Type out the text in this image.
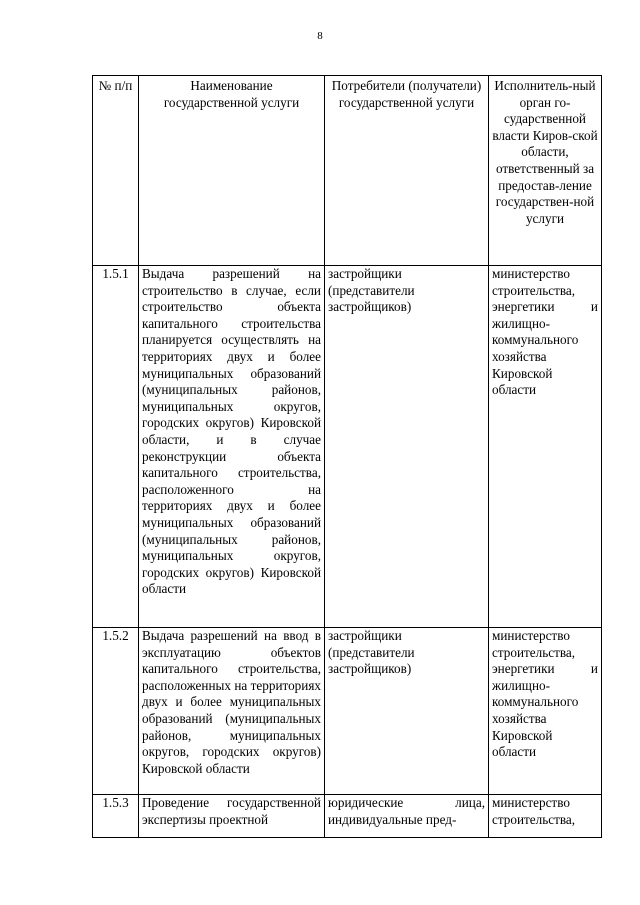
8
№ п/п	Наименование государственной услуги	Потребители (получатели) государственной услуги	Исполнитель-ный орган го-сударственной власти Киров-ской области, ответственный за предостав-ление государствен-ной услуги
1.5.1	Выдача разрешений на строительство в случае, если строительство объекта капитального строительства планируется осуществлять на территориях двух и более муниципальных образований (муниципальных районов, муниципальных округов, городских округов) Кировской области, и в случае реконструкции объекта капитального строительства, расположенного на территориях двух и более муниципальных образований (муниципальных районов, муниципальных округов, городских округов) Кировской области	застройщики (представители застройщиков)	министерство строительства, энергетики и жилищно-коммунального хозяйства Кировской области
1.5.2	Выдача разрешений на ввод в эксплуатацию объектов капитального строительства, расположенных на территориях двух и более муниципальных образований (муниципальных районов, муниципальных округов, городских округов) Кировской области	застройщики (представители застройщиков)	министерство строительства, энергетики и жилищно-коммунального хозяйства Кировской области
1.5.3	Проведение государственной экспертизы проектной	юридические лица, индивидуальные пред-	министерство строительства,
